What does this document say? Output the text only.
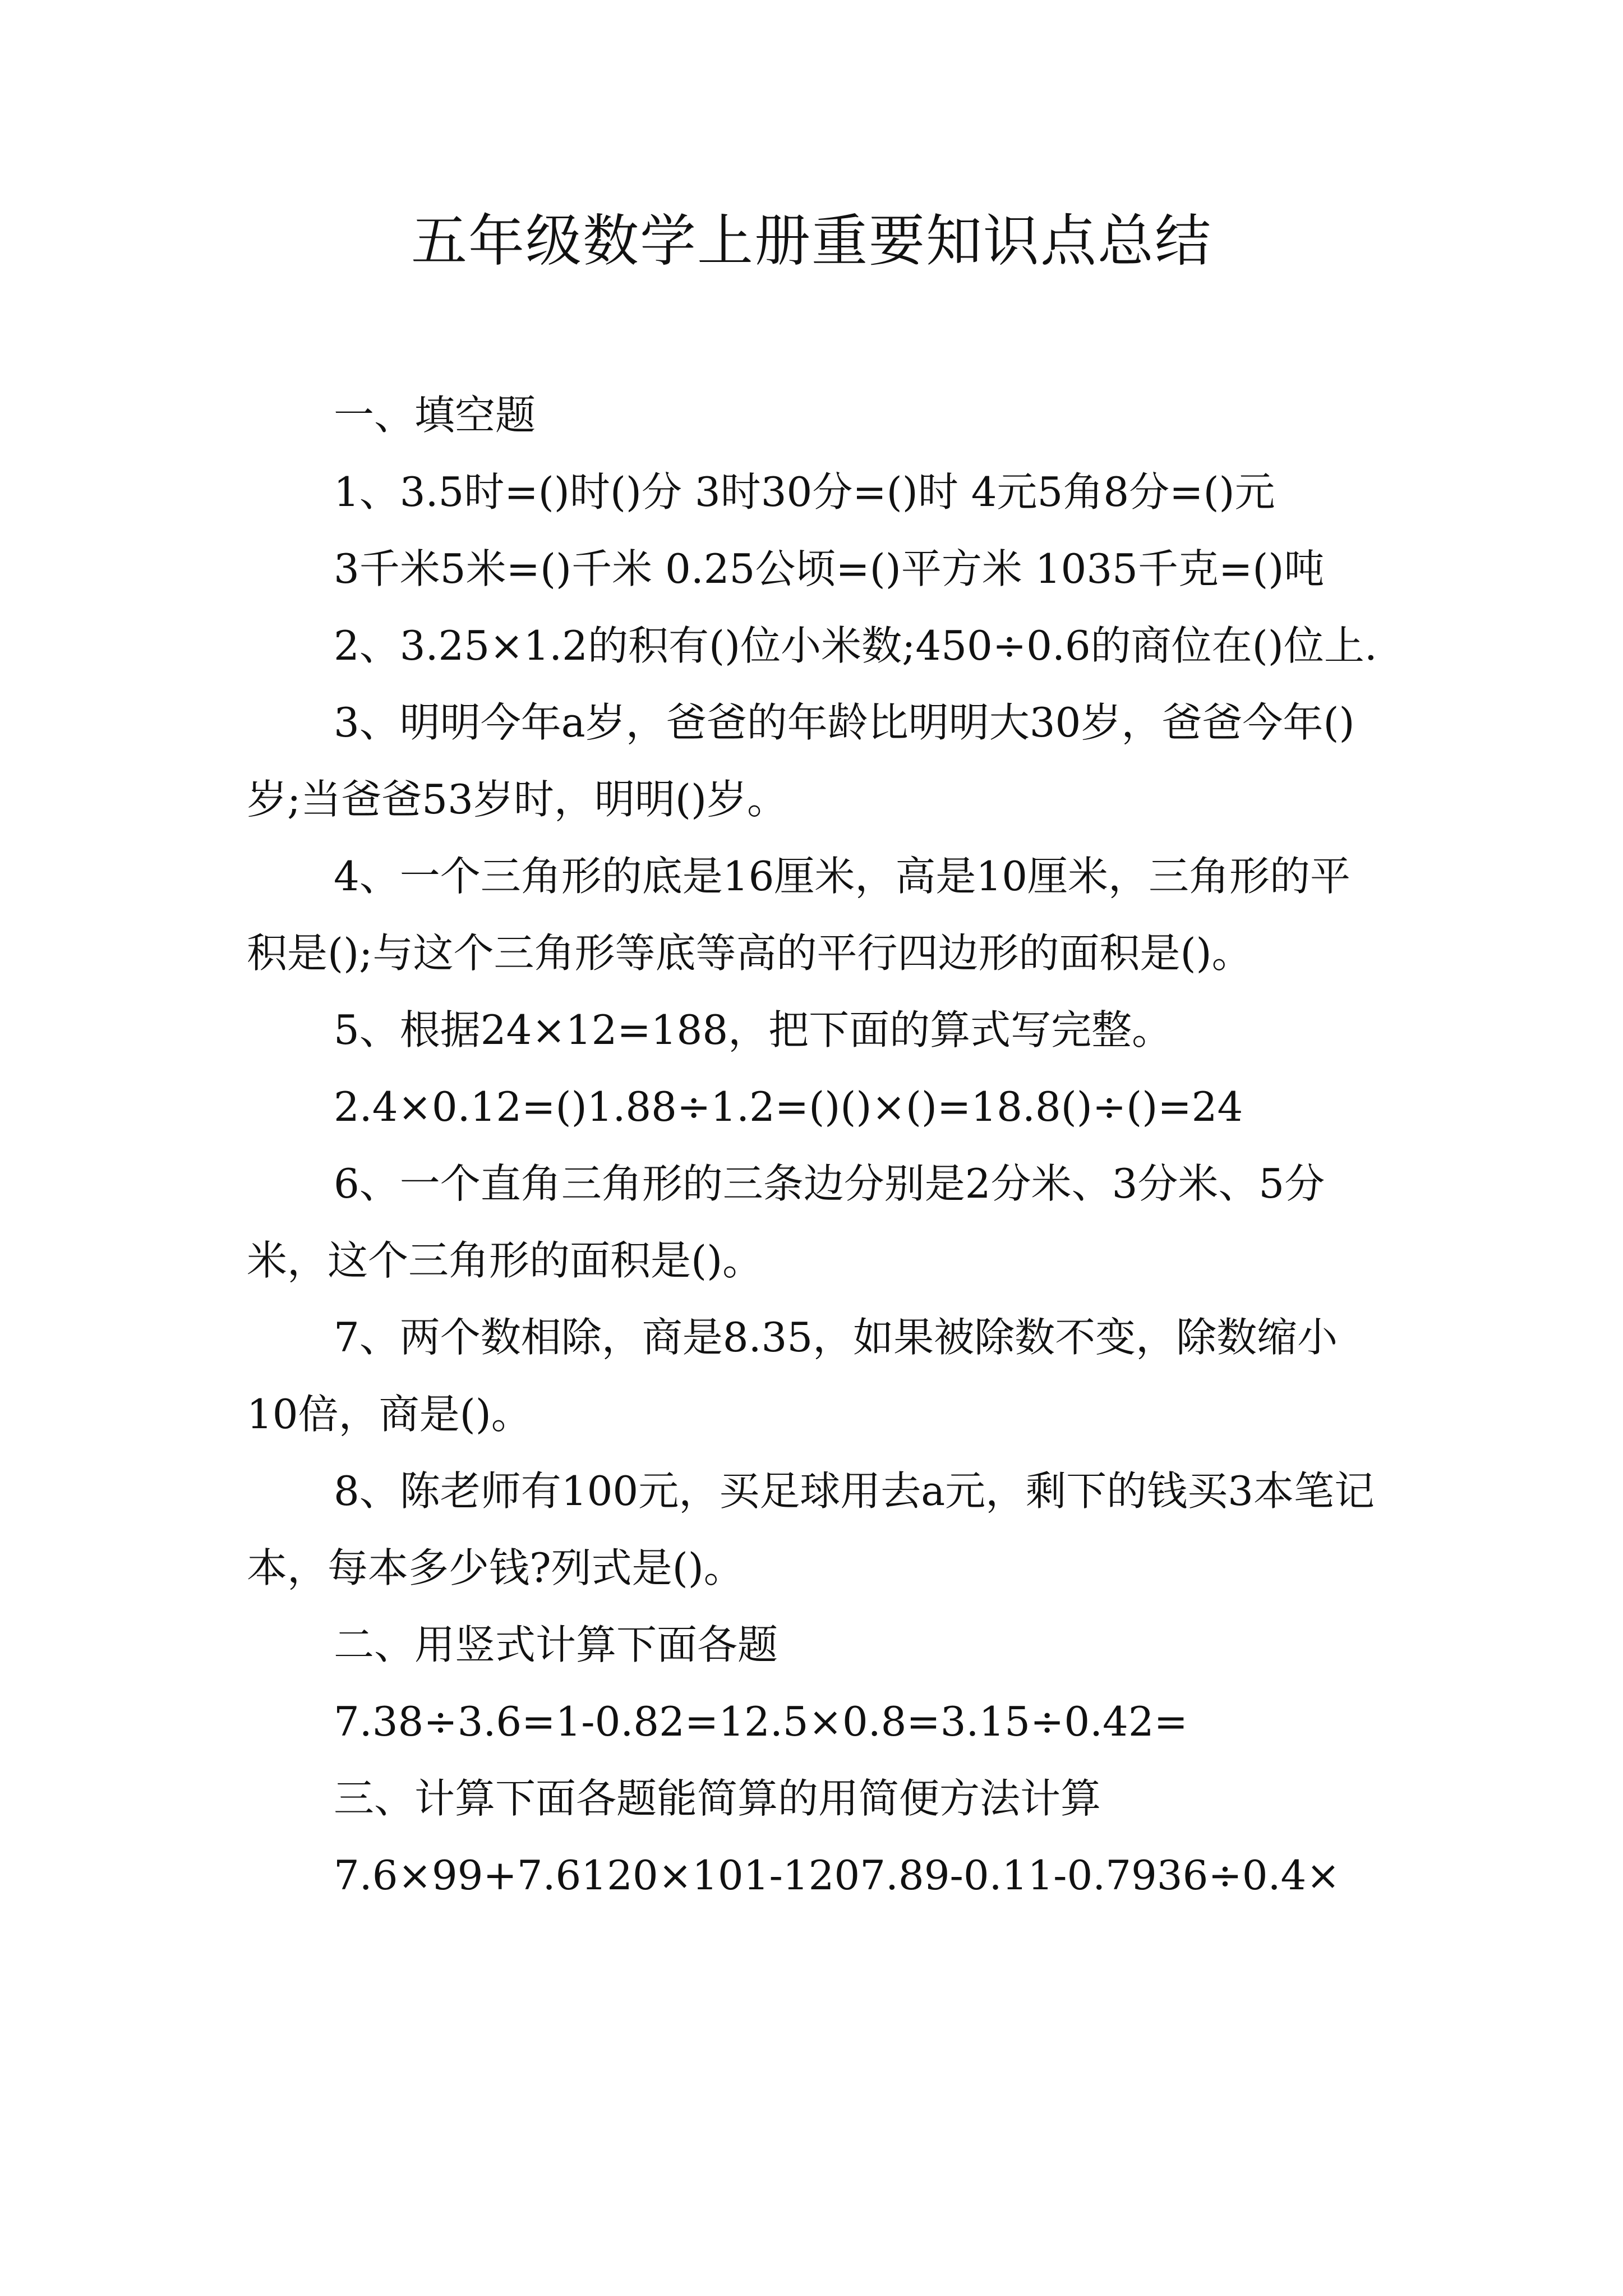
五年级数学上册重要知识点总结

一、填空题

1、3.5时=()时()分 3时30分=()时 4元5角8分=()元

3千米5米=()千米 0.25公顷=()平方米 1035千克=()吨

2、3.25×1.2的积有()位小米数;450÷0.6的商位在()位上.

3、明明今年a岁，爸爸的年龄比明明大30岁，爸爸今年()岁;当爸爸53岁时，明明()岁。

4、一个三角形的底是16厘米，高是10厘米，三角形的平积是();与这个三角形等底等高的平行四边形的面积是()。

5、根据24×12=188，把下面的算式写完整。

2.4×0.12=()1.88÷1.2=()()×()=18.8()÷()=24

6、一个直角三角形的三条边分别是2分米、3分米、5分米，这个三角形的面积是()。

7、两个数相除，商是8.35，如果被除数不变，除数缩小10倍，商是()。

8、陈老师有100元，买足球用去a元，剩下的钱买3本笔记本，每本多少钱?列式是()。

二、用竖式计算下面各题

7.38÷3.6=1-0.82=12.5×0.8=3.15÷0.42=

三、计算下面各题能简算的用简便方法计算

7.6×99+7.6120×101-1207.89-0.11-0.7936÷0.4×
